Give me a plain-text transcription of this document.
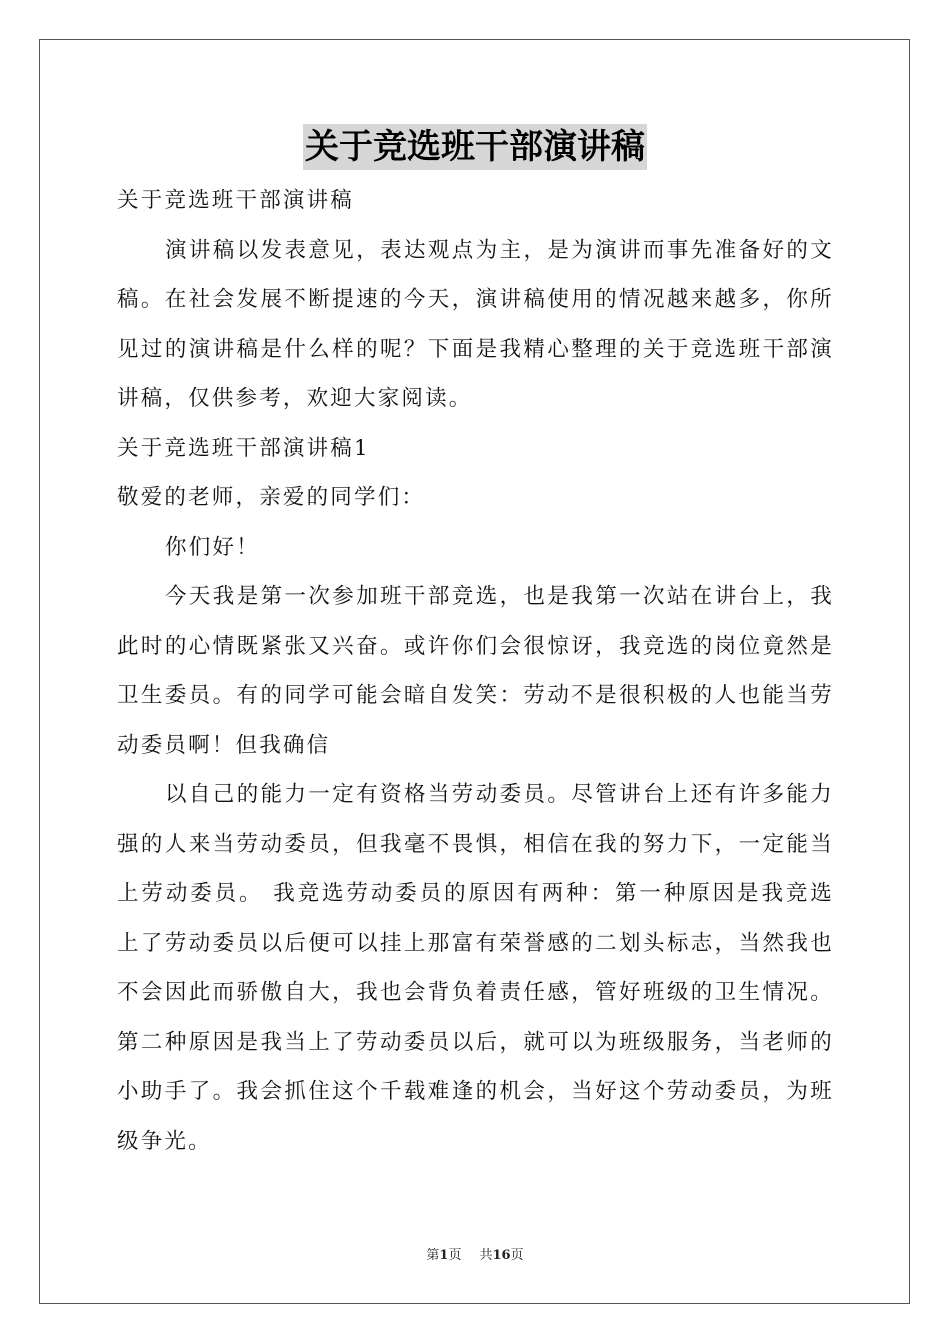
关于竞选班干部演讲稿

关于竞选班干部演讲稿

演讲稿以发表意见，表达观点为主，是为演讲而事先准备好的文稿。在社会发展不断提速的今天，演讲稿使用的情况越来越多，你所见过的演讲稿是什么样的呢？下面是我精心整理的关于竞选班干部演讲稿，仅供参考，欢迎大家阅读。

关于竞选班干部演讲稿1

敬爱的老师，亲爱的同学们：

你们好！

今天我是第一次参加班干部竞选，也是我第一次站在讲台上，我此时的心情既紧张又兴奋。或许你们会很惊讶，我竞选的岗位竟然是卫生委员。有的同学可能会暗自发笑：劳动不是很积极的人也能当劳动委员啊！但我确信

以自己的能力一定有资格当劳动委员。尽管讲台上还有许多能力强的人来当劳动委员，但我毫不畏惧，相信在我的努力下，一定能当上劳动委员。 我竞选劳动委员的原因有两种：第一种原因是我竞选上了劳动委员以后便可以挂上那富有荣誉感的二划头标志，当然我也不会因此而骄傲自大，我也会背负着责任感，管好班级的卫生情况。第二种原因是我当上了劳动委员以后，就可以为班级服务，当老师的小助手了。我会抓住这个千载难逢的机会，当好这个劳动委员，为班级争光。

第1页 共16页
